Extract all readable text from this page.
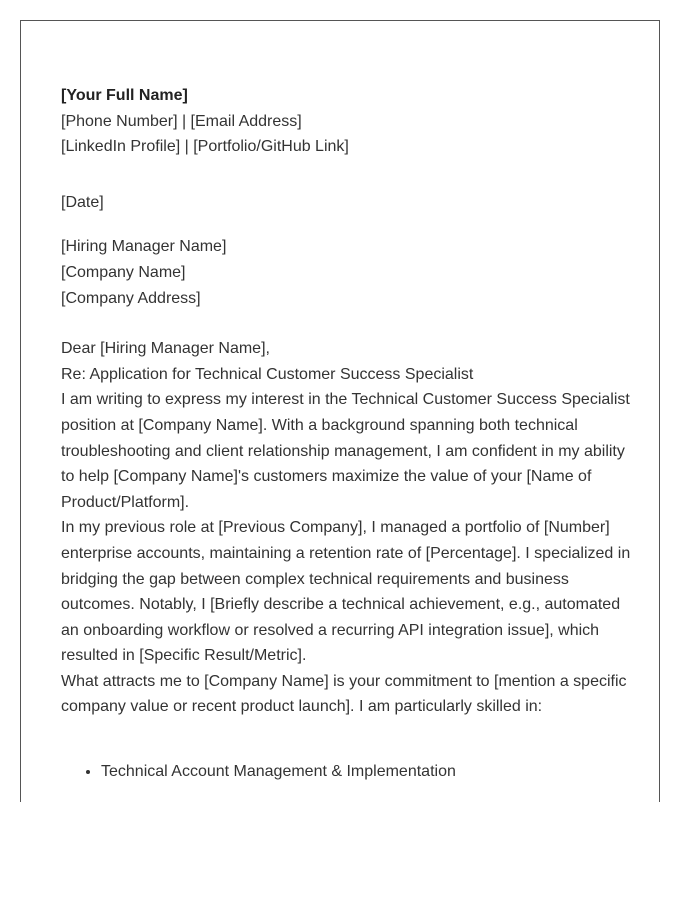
[Your Full Name]
[Phone Number] | [Email Address]
[LinkedIn Profile] | [Portfolio/GitHub Link]
[Date]
[Hiring Manager Name]
[Company Name]
[Company Address]
Dear [Hiring Manager Name],
Re: Application for Technical Customer Success Specialist

I am writing to express my interest in the Technical Customer Success Specialist position at [Company Name]. With a background spanning both technical troubleshooting and client relationship management, I am confident in my ability to help [Company Name]'s customers maximize the value of your [Name of Product/Platform].

In my previous role at [Previous Company], I managed a portfolio of [Number] enterprise accounts, maintaining a retention rate of [Percentage]. I specialized in bridging the gap between complex technical requirements and business outcomes. Notably, I [Briefly describe a technical achievement, e.g., automated an onboarding workflow or resolved a recurring API integration issue], which resulted in [Specific Result/Metric].

What attracts me to [Company Name] is your commitment to [mention a specific company value or recent product launch]. I am particularly skilled in:

• Technical Account Management & Implementation
